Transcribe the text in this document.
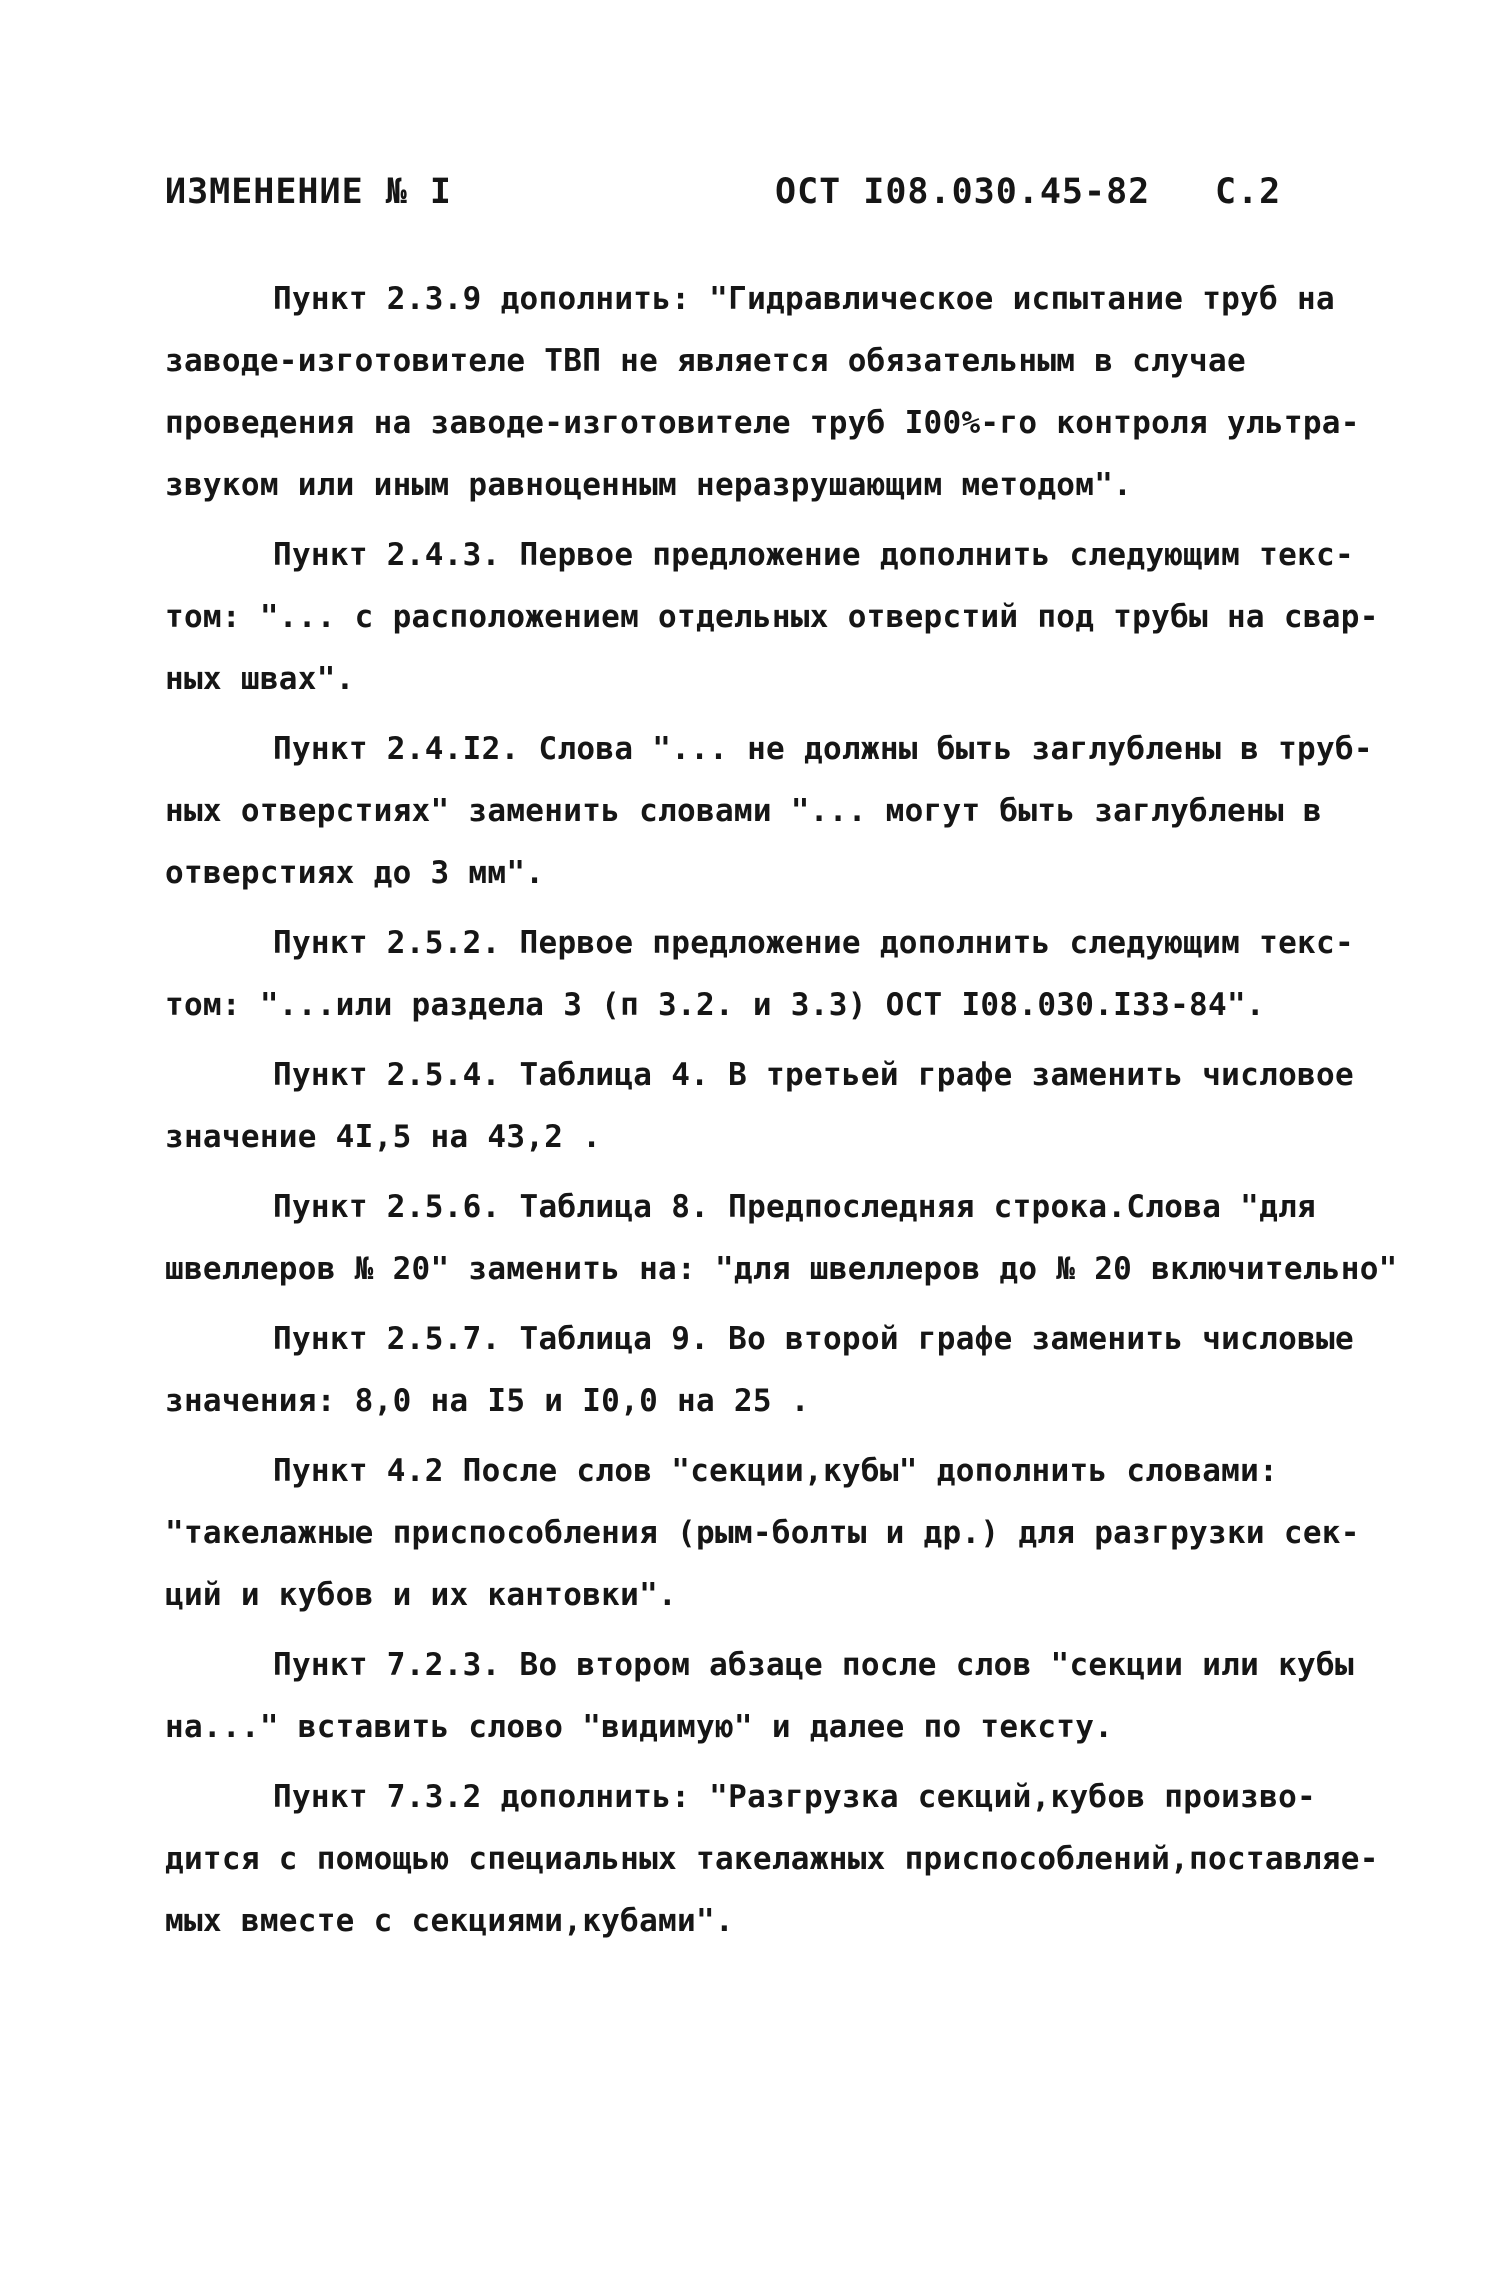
ИЗМЕНЕНИЕ № I	ОСТ I08.030.45-82 С.2
Пункт 2.3.9 дополнить: "Гидравлическое испытание труб на
заводе-изготовителе ТВП не является обязательным в случае
проведения на заводе-изготовителе труб I00%-го контроля ультра-
звуком или иным равноценным неразрушающим методом".
Пункт 2.4.3. Первое предложение дополнить следующим текс-
том: "... с расположением отдельных отверстий под трубы на свар-
ных швах".
Пункт 2.4.I2. Слова "... не должны быть заглублены в труб-
ных отверстиях" заменить словами "... могут быть заглублены в
отверстиях до 3 мм".
Пункт 2.5.2. Первое предложение дополнить следующим текс-
том: "...или раздела 3 (п 3.2. и 3.3) ОСТ I08.030.I33-84".
Пункт 2.5.4. Таблица 4. В третьей графе заменить числовое
значение 4I,5 на 43,2 .
Пункт 2.5.6. Таблица 8. Предпоследняя строка.Слова "для
швеллеров № 20" заменить на: "для швеллеров до № 20 включительно"
Пункт 2.5.7. Таблица 9. Во второй графе заменить числовые
значения: 8,0 на I5 и I0,0 на 25 .
Пункт 4.2 После слов "секции,кубы" дополнить словами:
"такелажные приспособления (рым-болты и др.) для разгрузки сек-
ций и кубов и их кантовки".
Пункт 7.2.3. Во втором абзаце после слов "секции или кубы
на..." вставить слово "видимую" и далее по тексту.
Пункт 7.3.2 дополнить: "Разгрузка секций,кубов произво-
дится с помощью специальных такелажных приспособлений,поставляе-
мых вместе с секциями,кубами".
